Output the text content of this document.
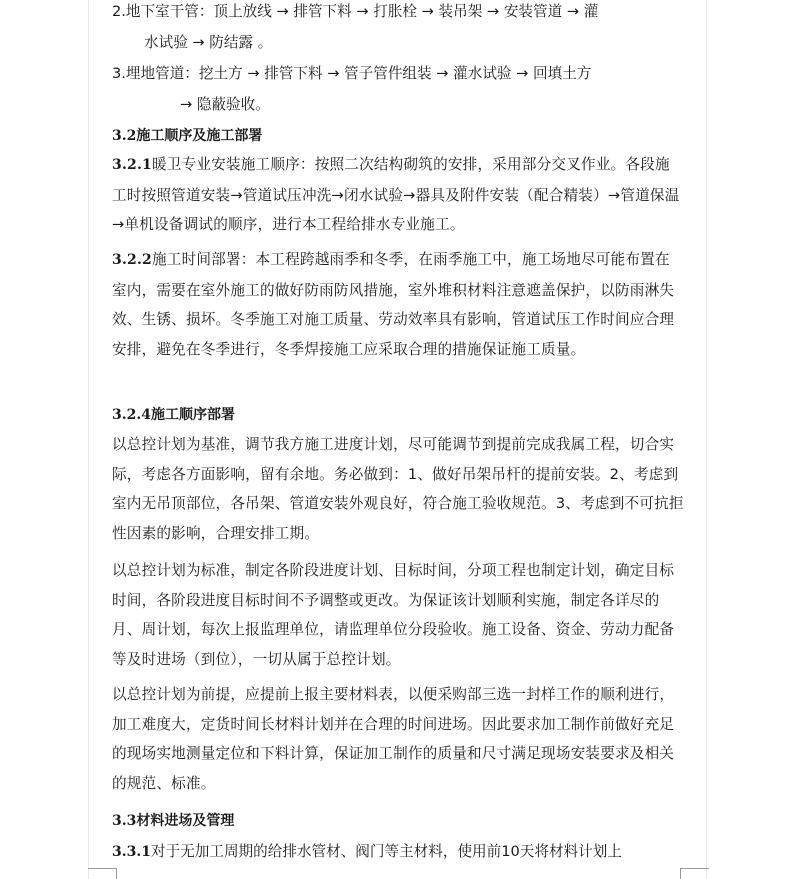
2.地下室干管：顶上放线 → 排管下料 → 打胀栓 → 装吊架 → 安装管道 → 灌
水试验 → 防结露 。
3.埋地管道：挖土方 → 排管下料 → 管子管件组装 → 灌水试验 → 回填土方
→ 隐蔽验收。
3.2施工顺序及施工部署

3.2.1暖卫专业安装施工顺序：按照二次结构砌筑的安排，采用部分交叉作业。各段施工时按照管道安装→管道试压冲洗→闭水试验→器具及附件安装（配合精装）→管道保温→单机设备调试的顺序，进行本工程给排水专业施工。

3.2.2施工时间部署：本工程跨越雨季和冬季，在雨季施工中，施工场地尽可能布置在室内，需要在室外施工的做好防雨防风措施，室外堆积材料注意遮盖保护，以防雨淋失效、生锈、损坏。冬季施工对施工质量、劳动效率具有影响，管道试压工作时间应合理安排，避免在冬季进行，冬季焊接施工应采取合理的措施保证施工质量。

3.2.4施工顺序部署

以总控计划为基准，调节我方施工进度计划，尽可能调节到提前完成我属工程，切合实际，考虑各方面影响，留有余地。务必做到：1、做好吊架吊杆的提前安装。2、考虑到室内无吊顶部位，各吊架、管道安装外观良好，符合施工验收规范。3、考虑到不可抗拒性因素的影响，合理安排工期。

以总控计划为标准，制定各阶段进度计划、目标时间，分项工程也制定计划，确定目标时间，各阶段进度目标时间不予调整或更改。为保证该计划顺利实施，制定各详尽的月、周计划，每次上报监理单位，请监理单位分段验收。施工设备、资金、劳动力配备等及时进场（到位），一切从属于总控计划。

以总控计划为前提，应提前上报主要材料表，以便采购部三选一封样工作的顺利进行，加工难度大，定货时间长材料计划并在合理的时间进场。因此要求加工制作前做好充足的现场实地测量定位和下料计算，保证加工制作的质量和尺寸满足现场安装要求及相关的规范、标准。

3.3材料进场及管理
3.3.1对于无加工周期的给排水管材、阀门等主材料，使用前10天将材料计划上
